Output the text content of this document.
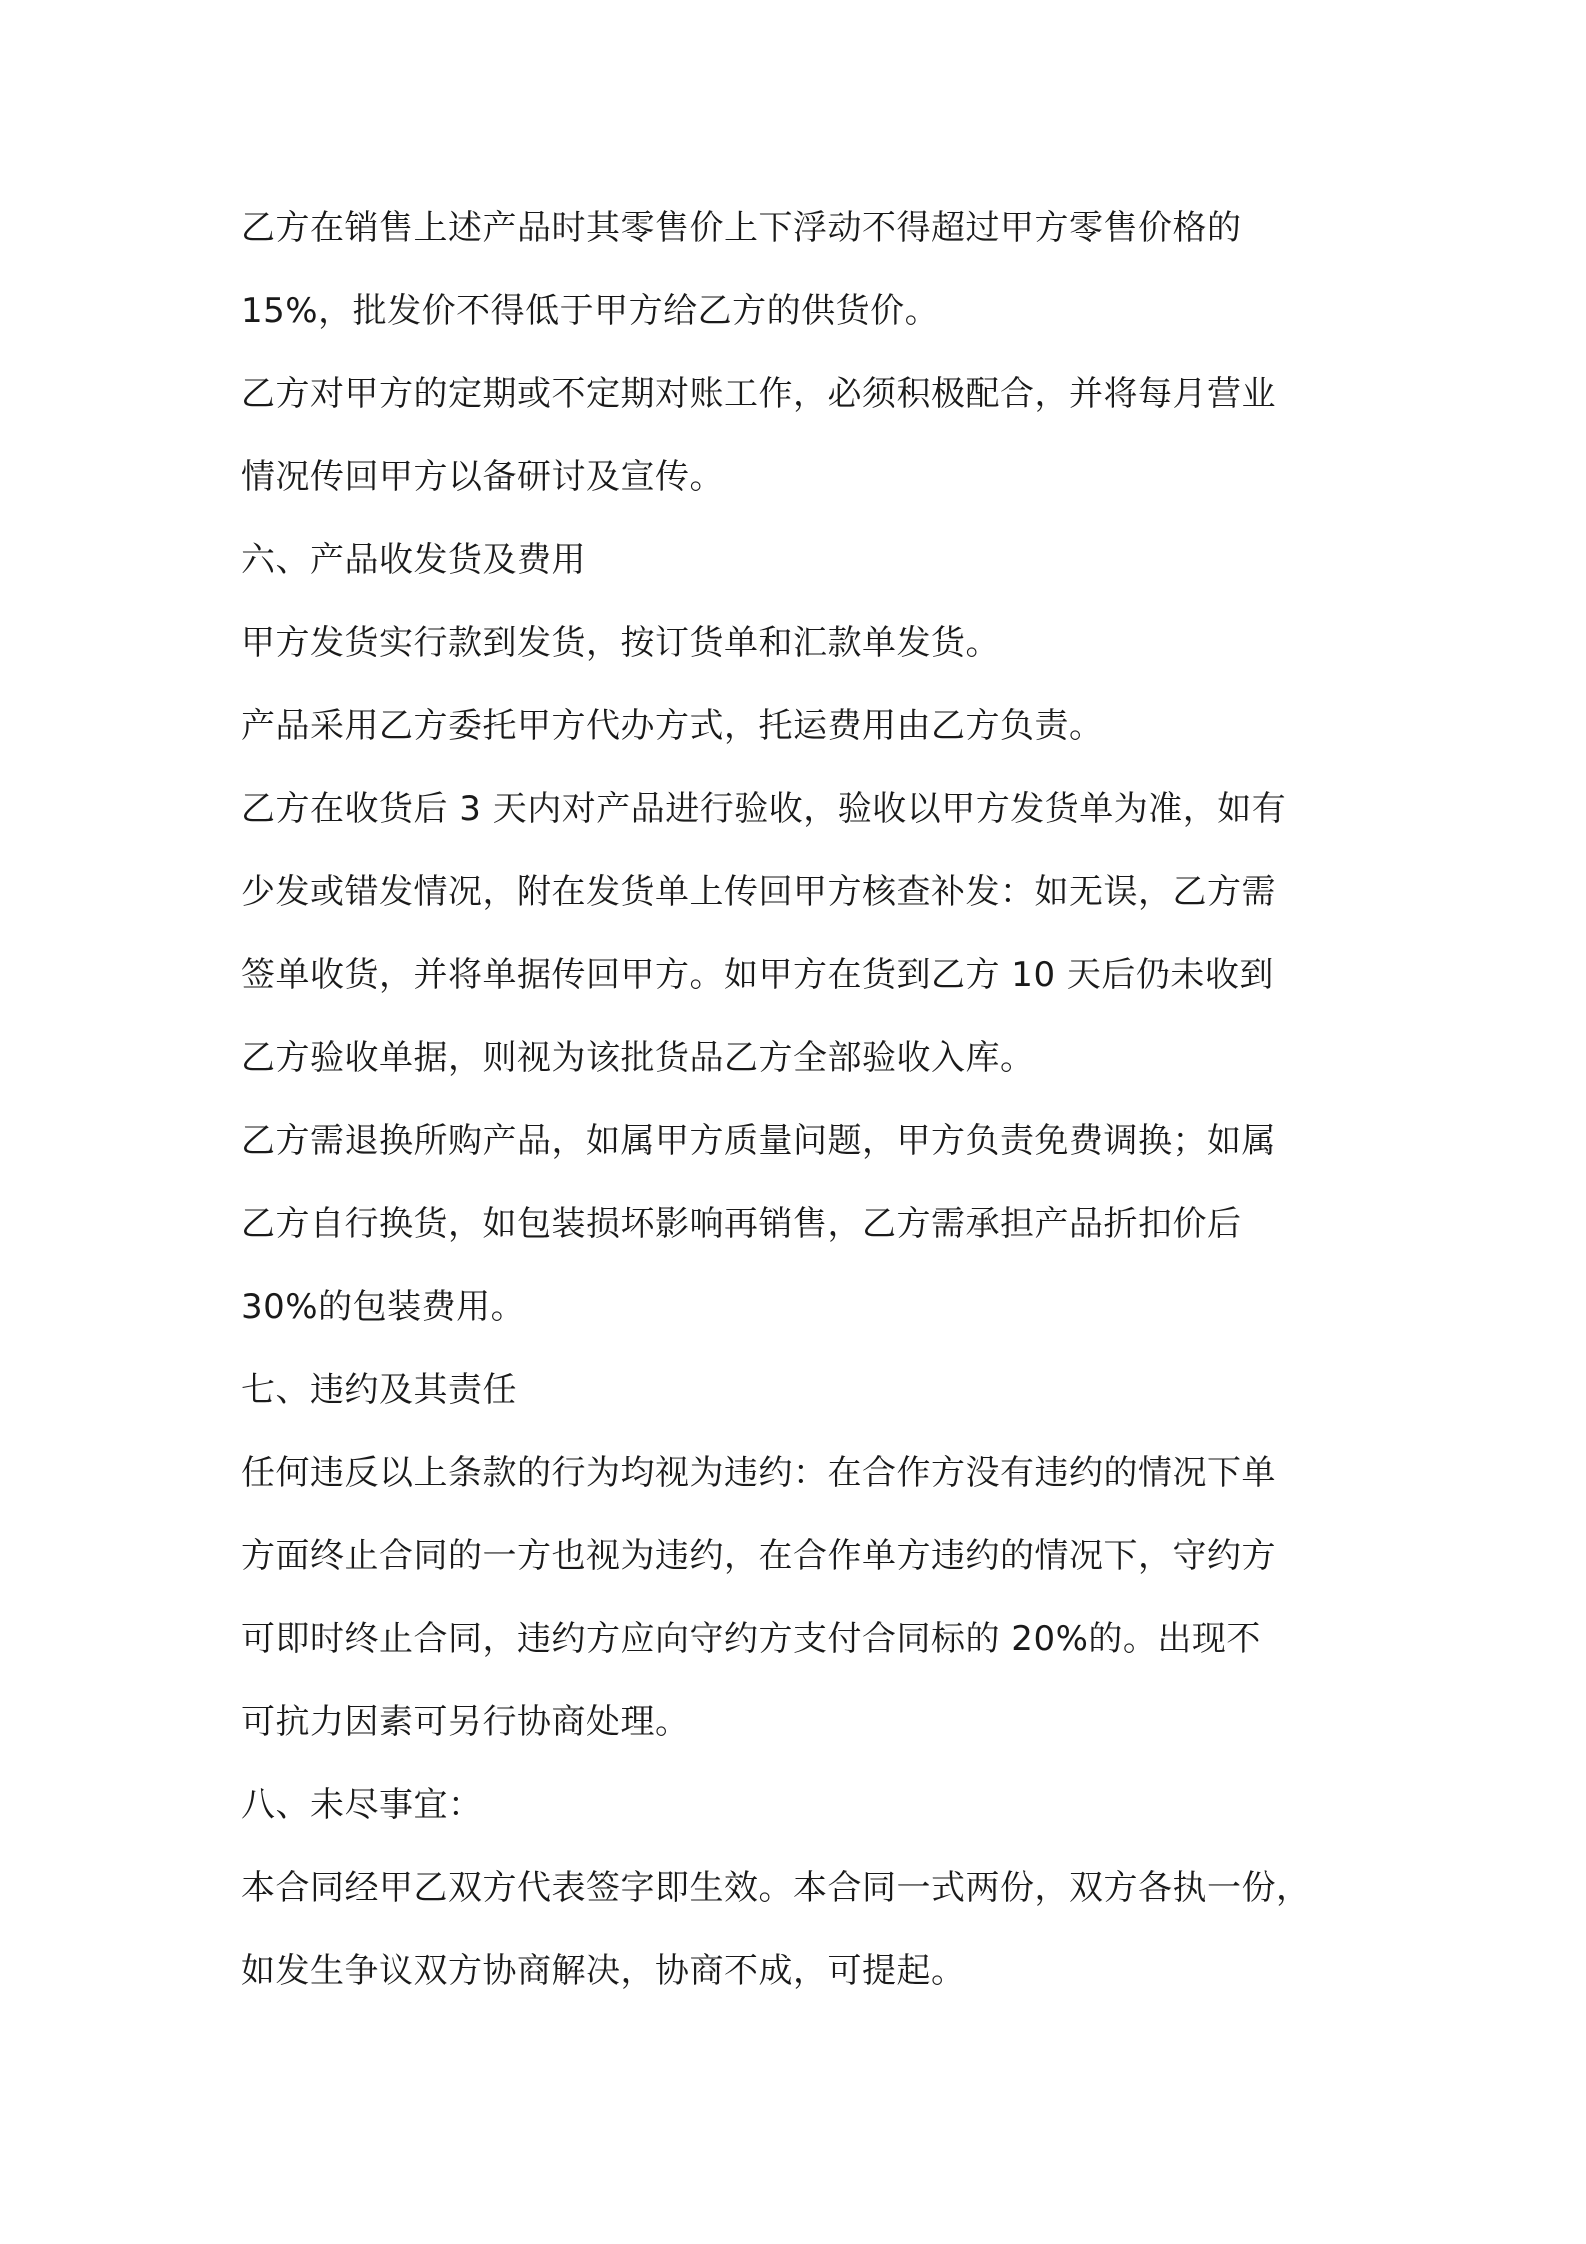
乙方在销售上述产品时其零售价上下浮动不得超过甲方零售价格的

15%，批发价不得低于甲方给乙方的供货价。

乙方对甲方的定期或不定期对账工作，必须积极配合，并将每月营业

情况传回甲方以备研讨及宣传。

六、产品收发货及费用

甲方发货实行款到发货，按订货单和汇款单发货。

产品采用乙方委托甲方代办方式，托运费用由乙方负责。

乙方在收货后 3 天内对产品进行验收，验收以甲方发货单为准，如有

少发或错发情况，附在发货单上传回甲方核查补发：如无误，乙方需

签单收货，并将单据传回甲方。如甲方在货到乙方 10 天后仍未收到

乙方验收单据，则视为该批货品乙方全部验收入库。

乙方需退换所购产品，如属甲方质量问题，甲方负责免费调换；如属

乙方自行换货，如包装损坏影响再销售，乙方需承担产品折扣价后

30%的包装费用。

七、违约及其责任

任何违反以上条款的行为均视为违约：在合作方没有违约的情况下单

方面终止合同的一方也视为违约，在合作单方违约的情况下，守约方

可即时终止合同，违约方应向守约方支付合同标的 20%的。出现不

可抗力因素可另行协商处理。

八、未尽事宜：

本合同经甲乙双方代表签字即生效。本合同一式两份，双方各执一份，

如发生争议双方协商解决，协商不成，可提起。
